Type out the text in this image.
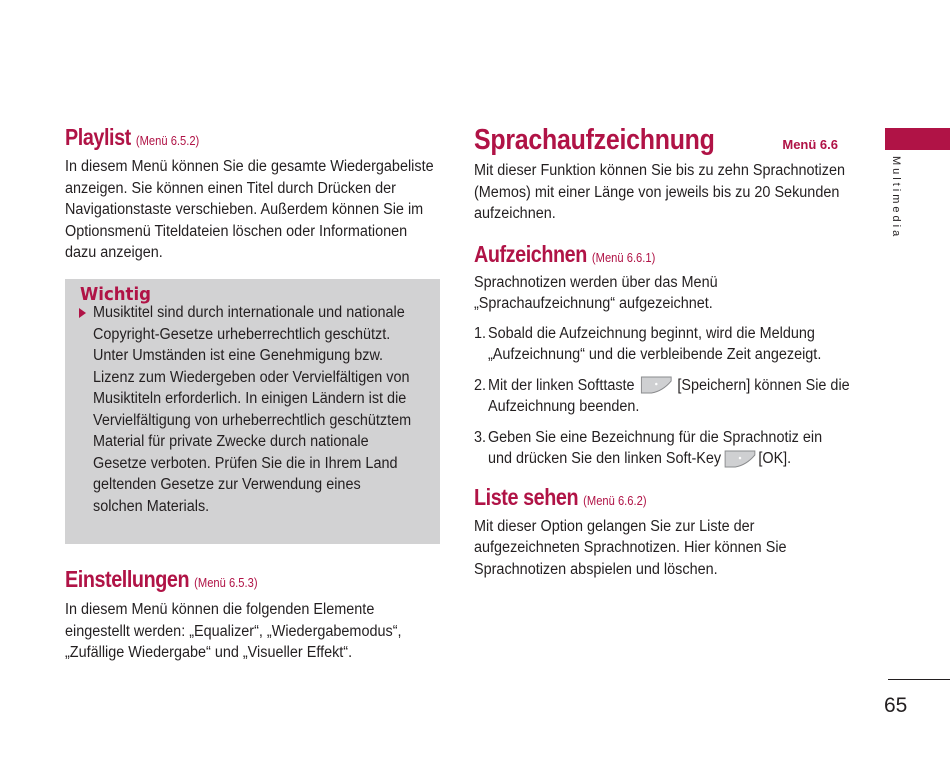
Multimedia
Playlist (Menü 6.5.2)

In diesem Menü können Sie die gesamte Wiedergabeliste anzeigen. Sie können einen Titel durch Drücken der Navigationstaste verschieben. Außerdem können Sie im Optionsmenü Titeldateien löschen oder Informationen dazu anzeigen.

Wichtig

Musiktitel sind durch internationale und nationale Copyright-Gesetze urheberrechtlich geschützt. Unter Umständen ist eine Genehmigung bzw. Lizenz zum Wiedergeben oder Vervielfältigen von Musiktiteln erforderlich. In einigen Ländern ist die Vervielfältigung von urheberrechtlich geschütztem Material für private Zwecke durch nationale Gesetze verboten. Prüfen Sie die in Ihrem Land geltenden Gesetze zur Verwendung eines solchen Materials.

Einstellungen (Menü 6.5.3)

In diesem Menü können die folgenden Elemente eingestellt werden: „Equalizer“, „Wiedergabemodus“, „Zufällige Wiedergabe“ und „Visueller Effekt“.

Sprachaufzeichnung	Menü 6.6

Mit dieser Funktion können Sie bis zu zehn Sprachnotizen (Memos) mit einer Länge von jeweils bis zu 20 Sekunden aufzeichnen.

Aufzeichnen (Menü 6.6.1)

Sprachnotizen werden über das Menü „Sprachaufzeichnung“ aufgezeichnet.

1. Sobald die Aufzeichnung beginnt, wird die Meldung „Aufzeichnung“ und die verbleibende Zeit angezeigt.
2. Mit der linken Softtaste	[Speichern] können Sie die Aufzeichnung beenden.
3. Geben Sie eine Bezeichnung für die Sprachnotiz ein und drücken Sie den linken Soft-Key [OK].
Liste sehen (Menü 6.6.2)

Mit dieser Option gelangen Sie zur Liste der aufgezeichneten Sprachnotizen. Hier können Sie Sprachnotizen abspielen und löschen.

65
